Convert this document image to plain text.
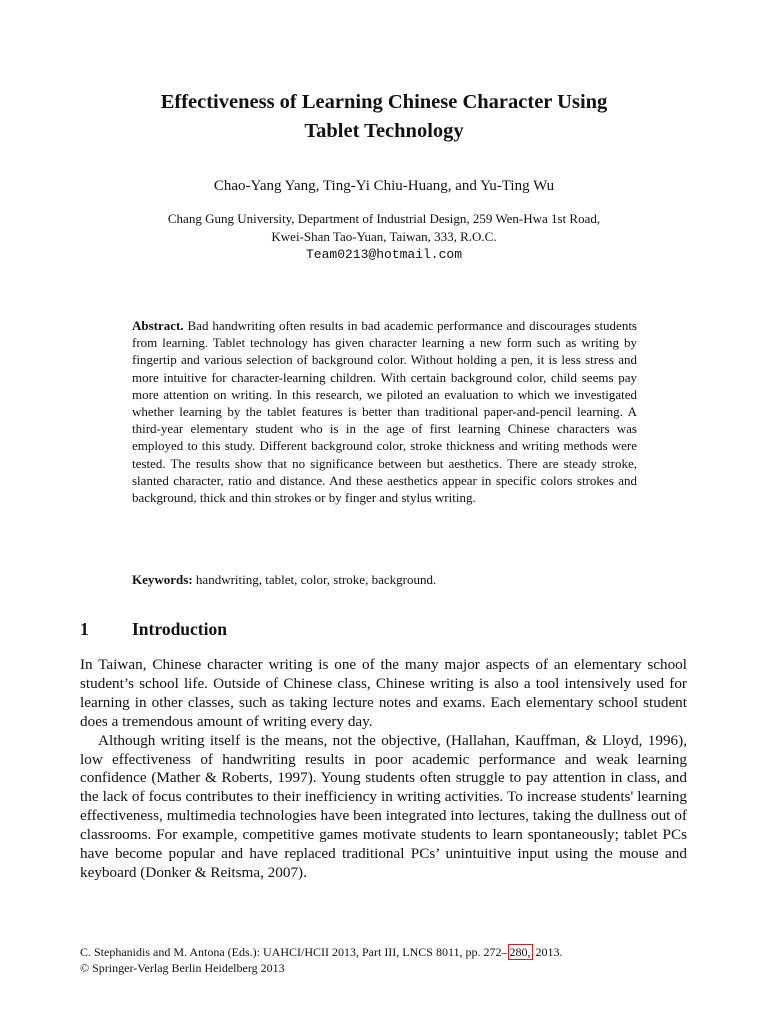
Effectiveness of Learning Chinese Character Using
Tablet Technology
Chao-Yang Yang, Ting-Yi Chiu-Huang, and Yu-Ting Wu
Chang Gung University, Department of Industrial Design, 259 Wen-Hwa 1st Road,
Kwei-Shan Tao-Yuan, Taiwan, 333, R.O.C.
Team0213@hotmail.com
Abstract. Bad handwriting often results in bad academic performance and discourages students from learning. Tablet technology has given character learning a new form such as writing by fingertip and various selection of background color. Without holding a pen, it is less stress and more intuitive for character-learning children. With certain background color, child seems pay more attention on writing. In this research, we piloted an evaluation to which we investigated whether learning by the tablet features is better than traditional paper-and-pencil learning. A third-year elementary student who is in the age of first learning Chinese characters was employed to this study. Different background color, stroke thickness and writing methods were tested. The results show that no significance between but aesthetics. There are steady stroke, slanted character, ratio and distance. And these aesthetics appear in specific colors strokes and background, thick and thin strokes or by finger and stylus writing.
Keywords: handwriting, tablet, color, stroke, background.
1 Introduction

In Taiwan, Chinese character writing is one of the many major aspects of an elementary school student’s school life. Outside of Chinese class, Chinese writing is also a tool intensively used for learning in other classes, such as taking lecture notes and exams. Each elementary school student does a tremendous amount of writing every day.

Although writing itself is the means, not the objective, (Hallahan, Kauffman, & Lloyd, 1996), low effectiveness of handwriting results in poor academic performance and weak learning confidence (Mather & Roberts, 1997). Young students often struggle to pay attention in class, and the lack of focus contributes to their inefficiency in writing activities. To increase students' learning effectiveness, multimedia technologies have been integrated into lectures, taking the dullness out of classrooms. For example, competitive games motivate students to learn spontaneously; tablet PCs have become popular and have replaced traditional PCs’ unintuitive input using the mouse and keyboard (Donker & Reitsma, 2007).

C. Stephanidis and M. Antona (Eds.): UAHCI/HCII 2013, Part III, LNCS 8011, pp. 272– 280, 2013.
© Springer-Verlag Berlin Heidelberg 2013
